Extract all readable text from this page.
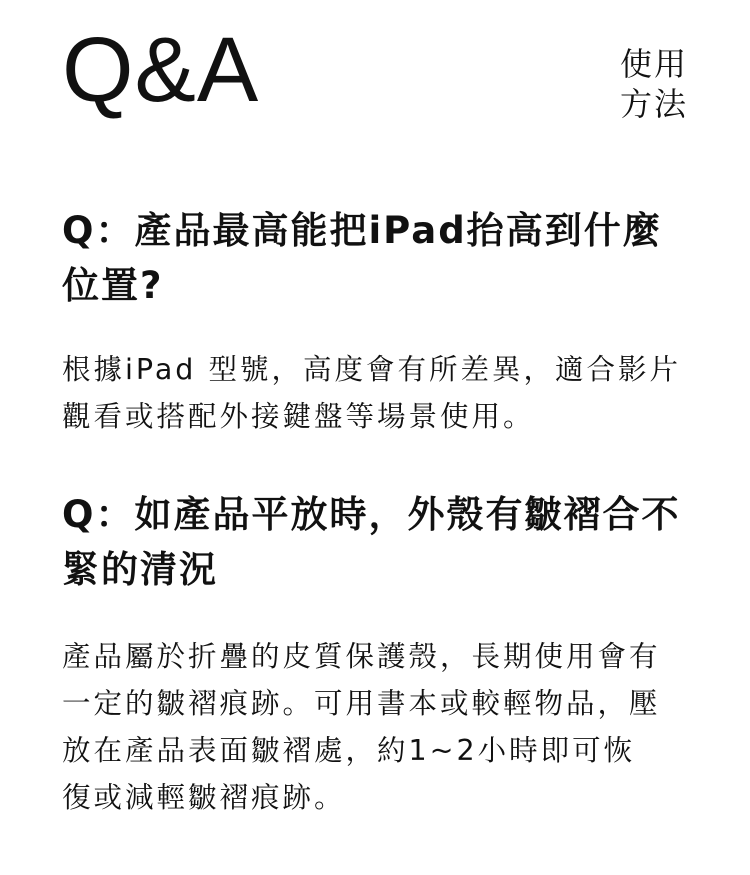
Q&A	使用方法
Q：產品最高能把iPad抬高到什麼位置?

根據iPad 型號，高度會有所差異，適合影片觀看或搭配外接鍵盤等場景使用。

Q：如產品平放時，外殼有皺褶合不緊的清況

產品屬於折疊的皮質保護殼，長期使用會有一定的皺褶痕跡。可用書本或較輕物品，壓放在產品表面皺褶處，約1~2小時即可恢復或減輕皺褶痕跡。
